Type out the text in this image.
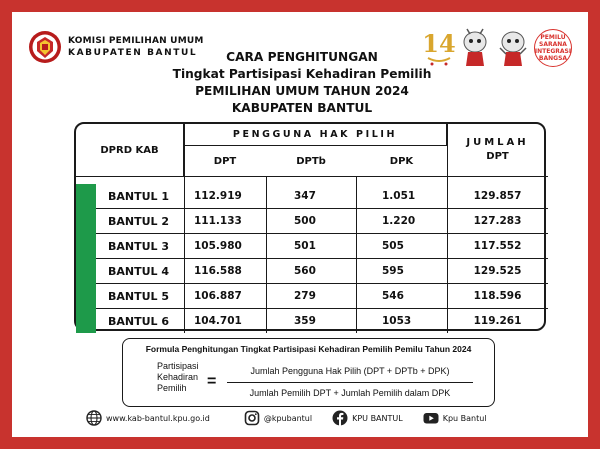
KOMISI PEMILIHAN UMUM
KABUPATEN BANTUL	CARA PENGHITUNGAN
Tingkat Partisipasi Kehadiran Pemilih
PEMILIHAN UMUM TAHUN 2024
KABUPATEN BANTUL
14	PEMILU SARANA INTEGRASI BANGSA
DPRD KAB
PENGGUNA HAK PILIH
DPT	DPTb	DPK
JUMLAH
DPT
BANTUL 1	112.919	347	1.051	129.857
BANTUL 2	111.133	500	1.220	127.283
BANTUL 3	105.980	501	505	117.552
BANTUL 4	116.588	560	595	129.525
BANTUL 5	106.887	279	546	118.596
BANTUL 6	104.701	359	1053	119.261
Formula Penghitungan Tingkat Partisipasi Kehadiran Pemilih Pemilu Tahun 2024
Partisipasi
Kehadiran
Pemilih	=
Jumlah Pengguna Hak Pilih (DPT + DPTb + DPK)
Jumlah Pemilih DPT + Jumlah Pemilih dalam DPK
www.kab-bantul.kpu.go.id	@kpubantul	KPU BANTUL	Kpu Bantul
